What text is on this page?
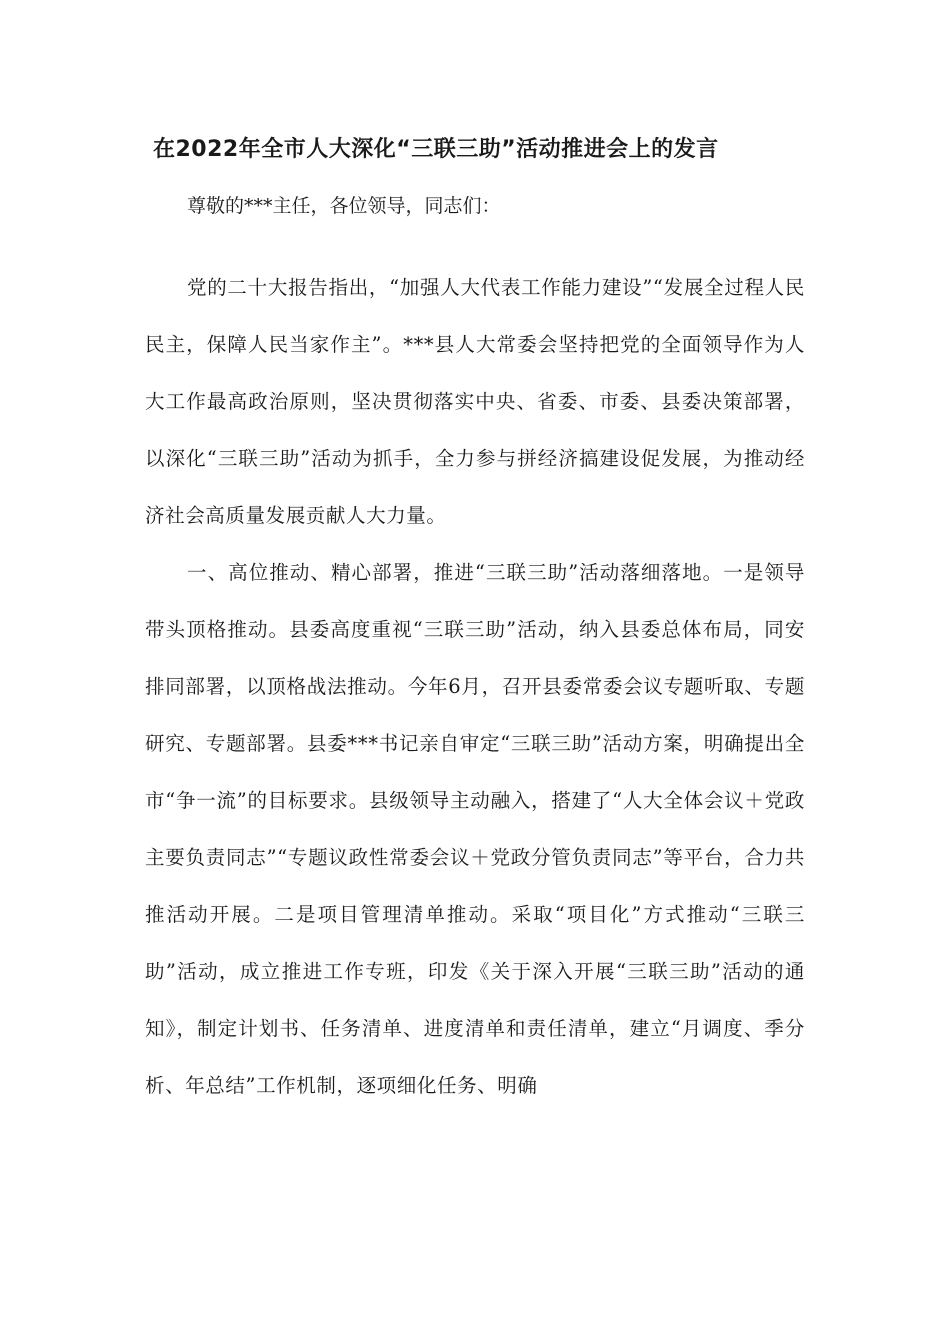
在2022年全市人大深化“三联三助”活动推进会上的发言

尊敬的***主任，各位领导，同志们：

党的二十大报告指出，“加强人大代表工作能力建设”“发展全过程人民民主，保障人民当家作主”。***县人大常委会坚持把党的全面领导作为人大工作最高政治原则，坚决贯彻落实中央、省委、市委、县委决策部署，以深化“三联三助”活动为抓手，全力参与拼经济搞建设促发展，为推动经济社会高质量发展贡献人大力量。

一、高位推动、精心部署，推进“三联三助”活动落细落地。一是领导带头顶格推动。县委高度重视“三联三助”活动，纳入县委总体布局，同安排同部署，以顶格战法推动。今年6月，召开县委常委会议专题听取、专题研究、专题部署。县委***书记亲自审定“三联三助”活动方案，明确提出全市“争一流”的目标要求。县级领导主动融入，搭建了“人大全体会议＋党政主要负责同志”“专题议政性常委会议＋党政分管负责同志”等平台，合力共推活动开展。二是项目管理清单推动。采取“项目化”方式推动“三联三助”活动，成立推进工作专班，印发《关于深入开展“三联三助”活动的通知》，制定计划书、任务清单、进度清单和责任清单，建立“月调度、季分析、年总结”工作机制，逐项细化任务、明确
